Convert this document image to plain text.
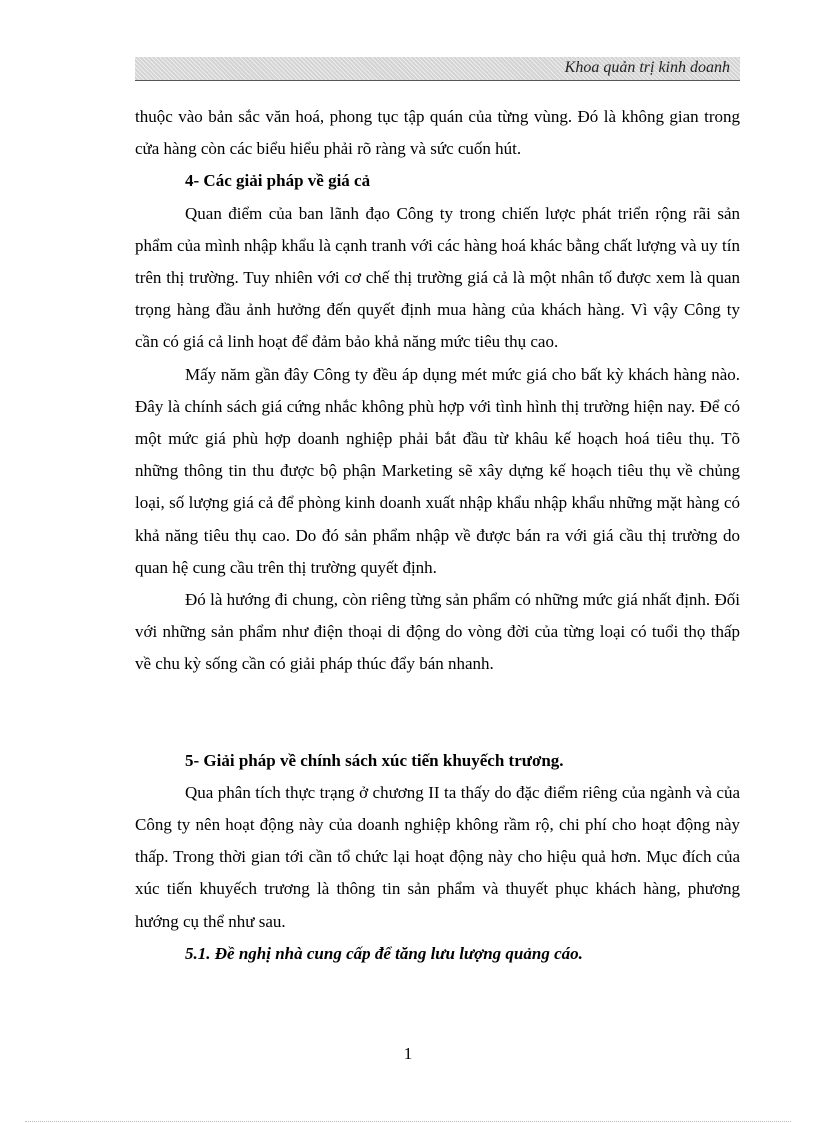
Khoa quản trị kinh doanh

thuộc vào bản sắc văn hoá, phong tục tập quán của từng vùng. Đó là không gian trong cửa hàng còn các biểu hiểu phải rõ ràng và sức cuốn hút.

4- Các giải pháp về giá cả

Quan điểm của ban lãnh đạo Công ty trong chiến lược phát triển rộng rãi sản phẩm của mình nhập khẩu là cạnh tranh với các hàng hoá khác bằng chất lượng và uy tín trên thị trường. Tuy nhiên với cơ chế thị trường giá cả là một nhân tố được xem là quan trọng hàng đầu ảnh hưởng đến quyết định mua hàng của khách hàng. Vì vậy Công ty cần có giá cả linh hoạt để đảm bảo khả năng mức tiêu thụ cao.

Mấy năm gần đây Công ty đều áp dụng mét mức giá cho bất kỳ khách hàng nào. Đây là chính sách giá cứng nhắc không phù hợp với tình hình thị trường hiện nay. Để có một mức giá phù hợp doanh nghiệp phải bắt đầu từ khâu kế hoạch hoá tiêu thụ. Tõ những thông tin thu được bộ phận Marketing sẽ xây dựng kế hoạch tiêu thụ về chủng loại, số lượng giá cả để phòng kinh doanh xuất nhập khẩu nhập khẩu những mặt hàng có khả năng tiêu thụ cao. Do đó sản phẩm nhập về được bán ra với giá cầu thị trường do quan hệ cung cầu trên thị trường quyết định.

Đó là hướng đi chung, còn riêng từng sản phẩm có những mức giá nhất định. Đối với những sản phẩm như điện thoại di động do vòng đời của từng loại có tuổi thọ thấp về chu kỳ sống cần có giải pháp thúc đẩy bán nhanh.

5- Giải pháp về chính sách xúc tiến khuyếch trương.

Qua phân tích thực trạng ở chương II ta thấy do đặc điểm riêng của ngành và của Công ty nên hoạt động này của doanh nghiệp không rầm rộ, chi phí cho hoạt động này thấp. Trong thời gian tới cần tổ chức lại hoạt động này cho hiệu quả hơn. Mục đích của xúc tiến khuyếch trương là thông tin sản phẩm và thuyết phục khách hàng, phương hướng cụ thể như sau.

5.1. Đề nghị nhà cung cấp để tăng lưu lượng quảng cáo.

1
